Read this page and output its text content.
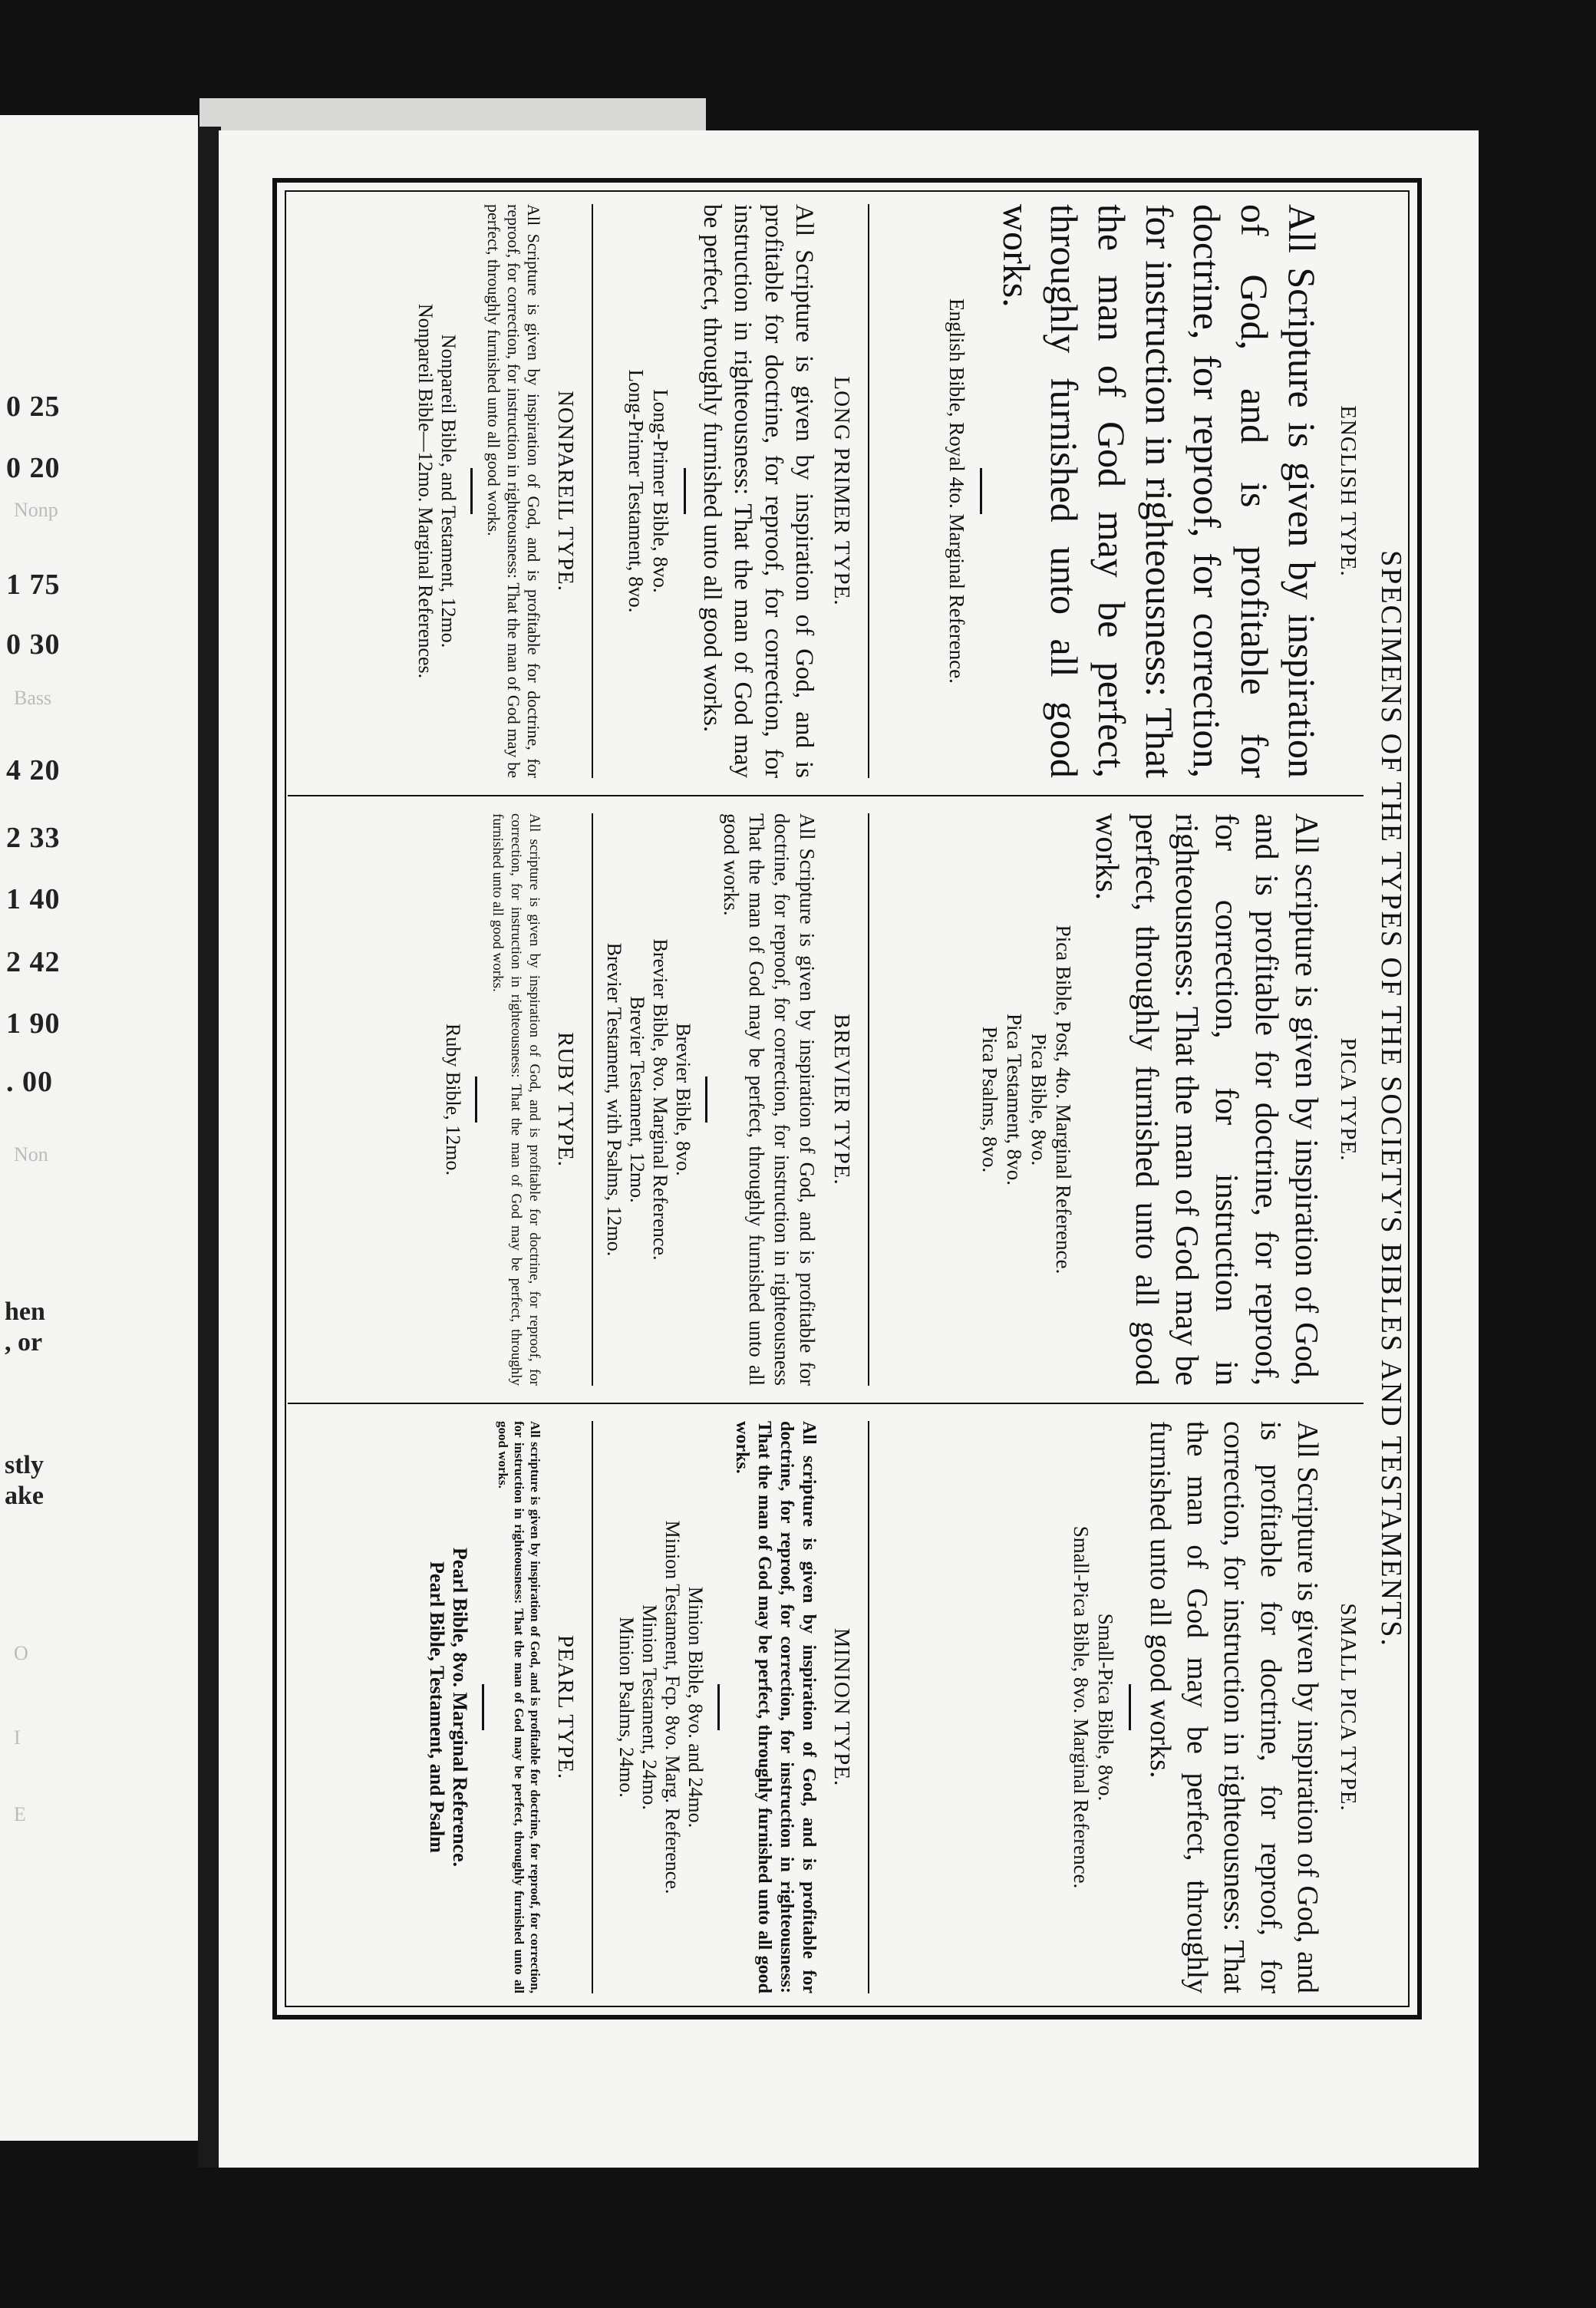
0 25
0 20
Nonp
1 75
0 30
Bass
4 20
2 33
1 40
2 42
1 90
. 00
Non
hen
, or
stly
ake
O
I
E
SPECIMENS OF THE TYPES OF THE SOCIETY'S BIBLES AND TESTAMENTS.
ENGLISH TYPE.
All Scripture is given by inspiration of God, and is profitable for doctrine, for reproof, for correction, for instruction in righteousness: That the man of God may be perfect, throughly furnished unto all good works.
English Bible, Royal 4to. Marginal Reference.
LONG PRIMER TYPE.
All Scripture is given by inspiration of God, and is profitable for doctrine, for reproof, for correction, for instruction in righteousness: That the man of God may be perfect, throughly furnished unto all good works.
Long-Primer Bible, 8vo.
Long-Primer Testament, 8vo.
NONPAREIL TYPE.
All Scripture is given by inspiration of God, and is profitable for doctrine, for reproof, for correction, for instruction in righteousness: That the man of God may be perfect, throughly furnished unto all good works.
Nonpareil Bible, and Testament, 12mo.
Nonpareil Bible—12mo. Marginal References.
PICA TYPE.
All scripture is given by inspiration of God, and is profitable for doctrine, for reproof, for correction, for instruction in righteousness: That the man of God may be perfect, throughly furnished unto all good works.
Pica Bible, Post, 4to. Marginal Reference.
Pica Bible, 8vo.
Pica Testament, 8vo.
Pica Psalms, 8vo.
BREVIER TYPE.
All Scripture is given by inspiration of God, and is profitable for doctrine, for reproof, for correction, for instruction in righteousness That the man of God may be perfect, throughly furnished unto all good works.
Brevier Bible, 8vo.
Brevier Bible, 8vo. Marginal Reference.
Brevier Testament, 12mo.
Brevier Testament, with Psalms, 12mo.
RUBY TYPE.
All scripture is given by inspiration of God, and is profitable for doctrine, for reproof, for correction, for instruction in righteousness: That the man of God may be perfect, throughly furnished unto all good works.
Ruby Bible, 12mo.
SMALL PICA TYPE.
All Scripture is given by inspiration of God, and is profitable for doctrine, for reproof, for correction, for instruction in righteousness: That the man of God may be perfect, throughly furnished unto all good works.
Small-Pica Bible, 8vo.
Small-Pica Bible, 8vo. Marginal Reference.
MINION TYPE.
All scripture is given by inspiration of God, and is profitable for doctrine, for reproof, for correction, for instruction in righteousness: That the man of God may be perfect, throughly furnished unto all good works.
Minion Bible, 8vo. and 24mo.
Minion Testament, Fcp. 8vo. Marg. Reference.
Minion Testament, 24mo.
Minion Psalms, 24mo.
PEARL TYPE.
All scripture is given by inspiration of God, and is profitable for doctrine, for reproof, for correction, for instruction in righteousness: That the man of God may be perfect, throughly furnished unto all good works.
Pearl Bible, 8vo. Marginal Reference.
Pearl Bible, Testament, and Psalm
